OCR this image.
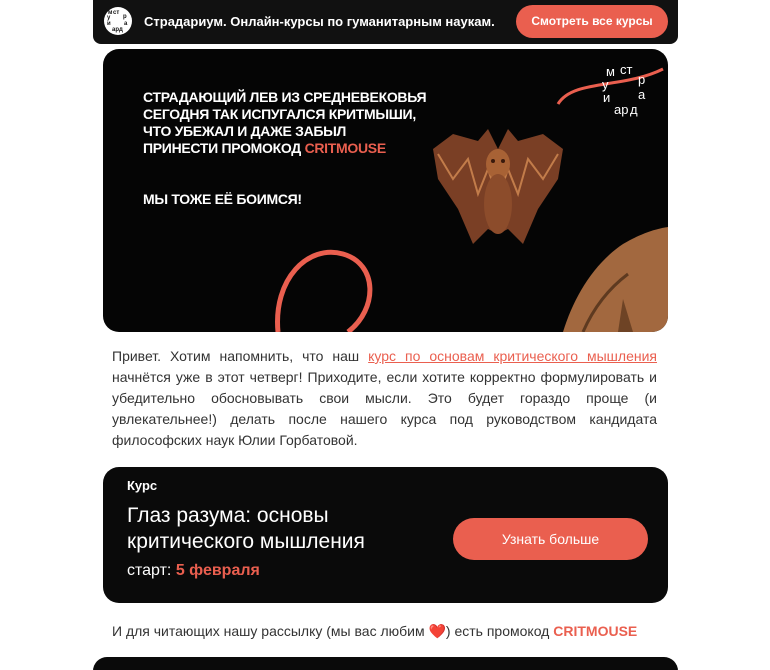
ст
р
а
д
ар
и
у
м
Страдариум. Онлайн-курсы по гуманитарным наукам.	Смотреть все курсы
СТРАДАЮЩИЙ ЛЕВ ИЗ СРЕДНЕВЕКОВЬЯ
СЕГОДНЯ ТАК ИСПУГАЛСЯ КРИТМЫШИ,
ЧТО УБЕЖАЛ И ДАЖЕ ЗАБЫЛ
ПРИНЕСТИ ПРОМОКОД CRITMOUSE
МЫ ТОЖЕ ЕЁ БОИМСЯ!
ст
р
а
д
ар
и
у
м
Привет. Хотим напомнить, что наш курс по основам критического мышления начнётся уже в этот четверг! Приходите, если хотите корректно формулировать и убедительно обосновывать свои мысли. Это будет гораздо проще (и увлекательнее!) делать после нашего курса под руководством кандидата философских наук Юлии Горбатовой.
Курс
Глаз разума: основы критического мышления
старт: 5 февраля
Узнать больше
И для читающих нашу рассылку (мы вас любим ❤️) есть промокод CRITMOUSE
